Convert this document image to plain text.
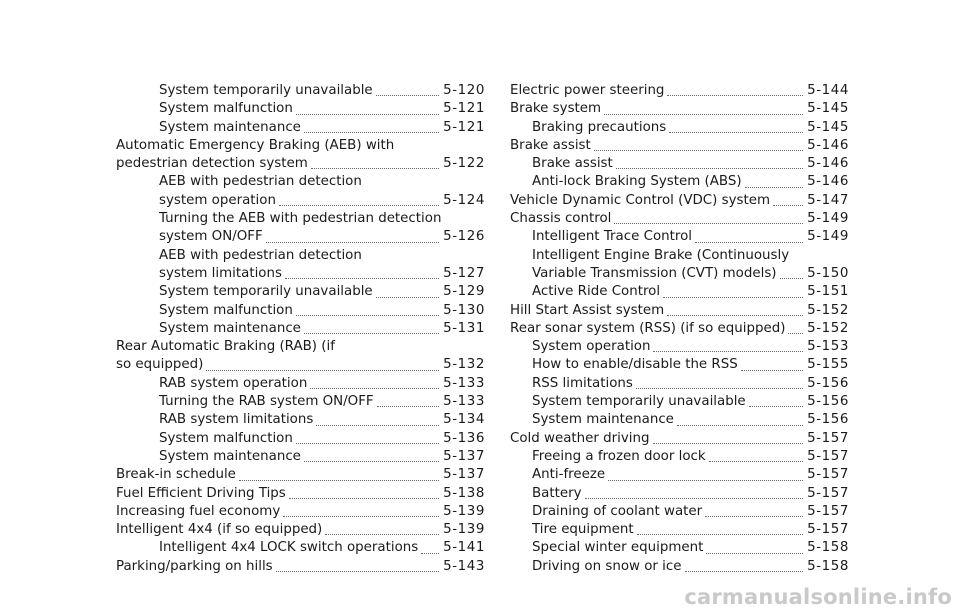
System temporarily unavailable	5-120
System malfunction	5-121
System maintenance	5-121
Automatic Emergency Braking (AEB) with
pedestrian detection system	5-122
AEB with pedestrian detection
system operation	5-124
Turning the AEB with pedestrian detection
system ON/OFF	5-126
AEB with pedestrian detection
system limitations	5-127
System temporarily unavailable	5-129
System malfunction	5-130
System maintenance	5-131
Rear Automatic Braking (RAB) (if
so equipped)	5-132
RAB system operation	5-133
Turning the RAB system ON/OFF	5-133
RAB system limitations	5-134
System malfunction	5-136
System maintenance	5-137
Break-in schedule	5-137
Fuel Efficient Driving Tips	5-138
Increasing fuel economy	5-139
Intelligent 4x4 (if so equipped)	5-139
Intelligent 4x4 LOCK switch operations 5-141
Parking/parking on hills	5-143
Electric power steering	5-144
Brake system	5-145
Braking precautions	5-145
Brake assist	5-146
Brake assist	5-146
Anti-lock Braking System (ABS)	5-146
Vehicle Dynamic Control (VDC) system	5-147
Chassis control	5-149
Intelligent Trace Control	5-149
Intelligent Engine Brake (Continuously
Variable Transmission (CVT) models) 5-150
Active Ride Control	5-151
Hill Start Assist system	5-152
Rear sonar system (RSS) (if so equipped) 5-152
System operation	5-153
How to enable/disable the RSS	5-155
RSS limitations	5-156
System temporarily unavailable	5-156
System maintenance	5-156
Cold weather driving	5-157
Freeing a frozen door lock	5-157
Anti-freeze	5-157
Battery	5-157
Draining of coolant water	5-157
Tire equipment	5-157
Special winter equipment	5-158
Driving on snow or ice	5-158
carmanualsonline.info
